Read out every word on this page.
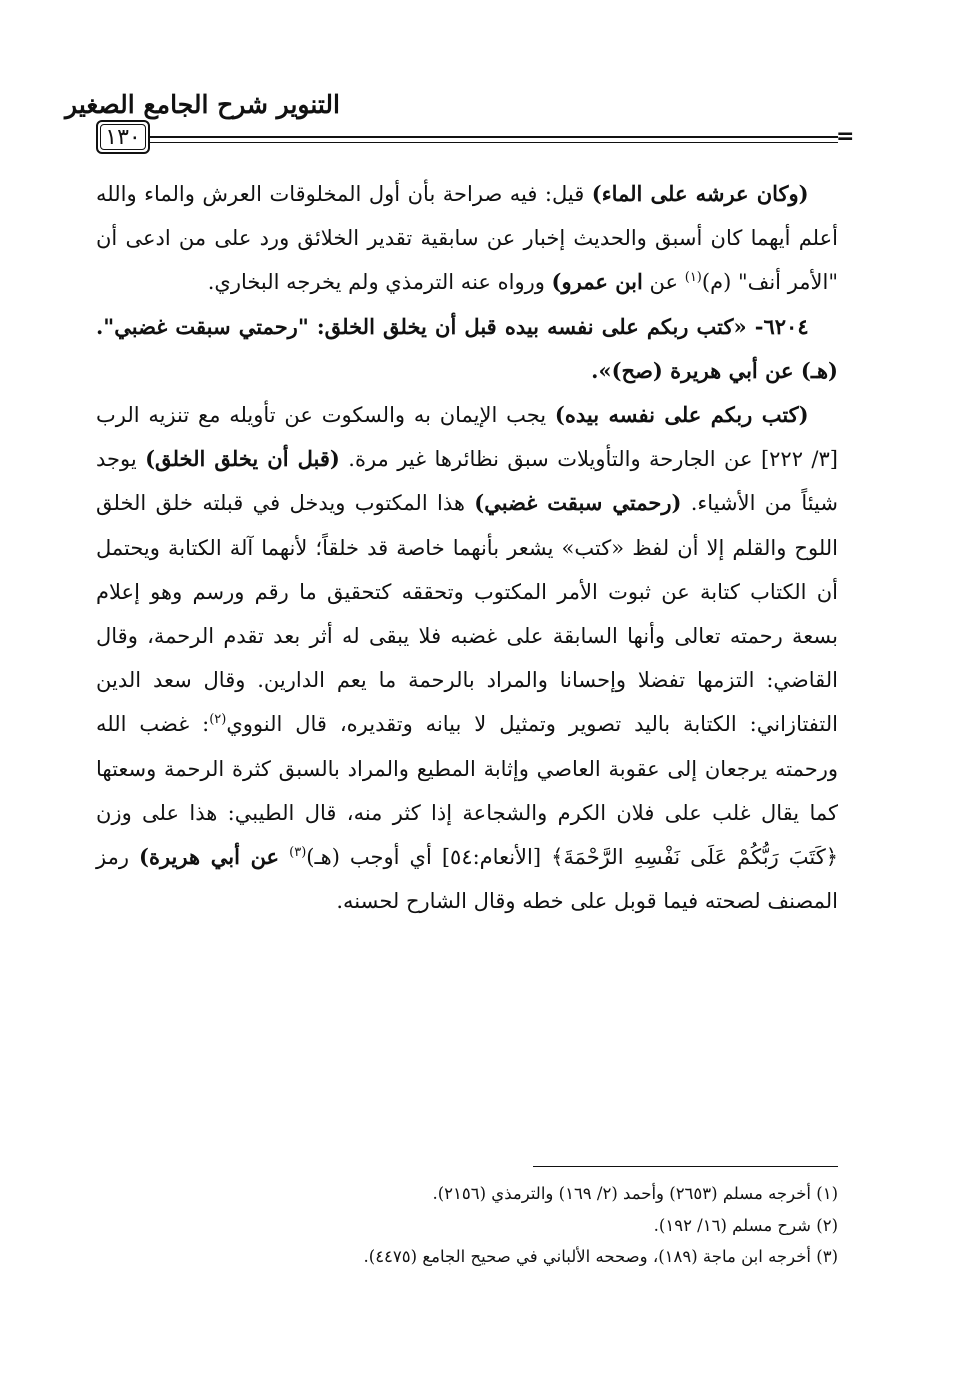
التنوير شرح الجامع الصغير
=
١٣٠

(وكان عرشه على الماء) قيل: فيه صراحة بأن أول المخلوقات العرش والماء والله أعلم أيهما كان أسبق والحديث إخبار عن سابقية تقدير الخلائق ورد على من ادعى أن "الأمر أنف" (م)$^{(١)}$ عن ابن عمرو) ورواه عنه الترمذي ولم يخرجه البخاري.

٦٢٠٤- «كتب ربكم على نفسه بيده قبل أن يخلق الخلق: "رحمتي سبقت غضبي". (هـ) عن أبي هريرة (صح)».

(كتب ربكم على نفسه بيده) يجب الإيمان به والسكوت عن تأويله مع تنزيه الرب [٣/ ٢٢٢] عن الجارحة والتأويلات سبق نظائرها غير مرة. (قبل أن يخلق الخلق) يوجد شيئاً من الأشياء. (رحمتي سبقت غضبي) هذا المكتوب ويدخل في قبلته خلق الخلق اللوح والقلم إلا أن لفظ «كتب» يشعر بأنهما خاصة قد خلقاً؛ لأنهما آلة الكتابة ويحتمل أن الكتاب كتابة عن ثبوت الأمر المكتوب وتحققه كتحقيق ما رقم ورسم وهو إعلام بسعة رحمته تعالى وأنها السابقة على غضبه فلا يبقى له أثر بعد تقدم الرحمة، وقال القاضي: التزمها تفضلا وإحسانا والمراد بالرحمة ما يعم الدارين. وقال سعد الدين التفتازاني: الكتابة باليد تصوير وتمثيل لا بيانه وتقديره، قال النووي$^{(٢)}$: غضب الله ورحمته يرجعان إلى عقوبة العاصي وإثابة المطيع والمراد بالسبق كثرة الرحمة وسعتها كما يقال غلب على فلان الكرم والشجاعة إذا كثر منه، قال الطيبي: هذا على وزن ﴿كَتَبَ رَبُّكُمْ عَلَى نَفْسِهِ الرَّحْمَةَ﴾ [الأنعام:٥٤] أي أوجب (هـ)$^{(٣)}$ عن أبي هريرة) رمز المصنف لصحته فيما قوبل على خطه وقال الشارح لحسنه.

(١) أخرجه مسلم (٢٦٥٣) وأحمد (٢/ ١٦٩) والترمذي (٢١٥٦).
(٢) شرح مسلم (١٦/ ١٩٢).
(٣) أخرجه ابن ماجة (١٨٩)، وصححه الألباني في صحيح الجامع (٤٤٧٥).
